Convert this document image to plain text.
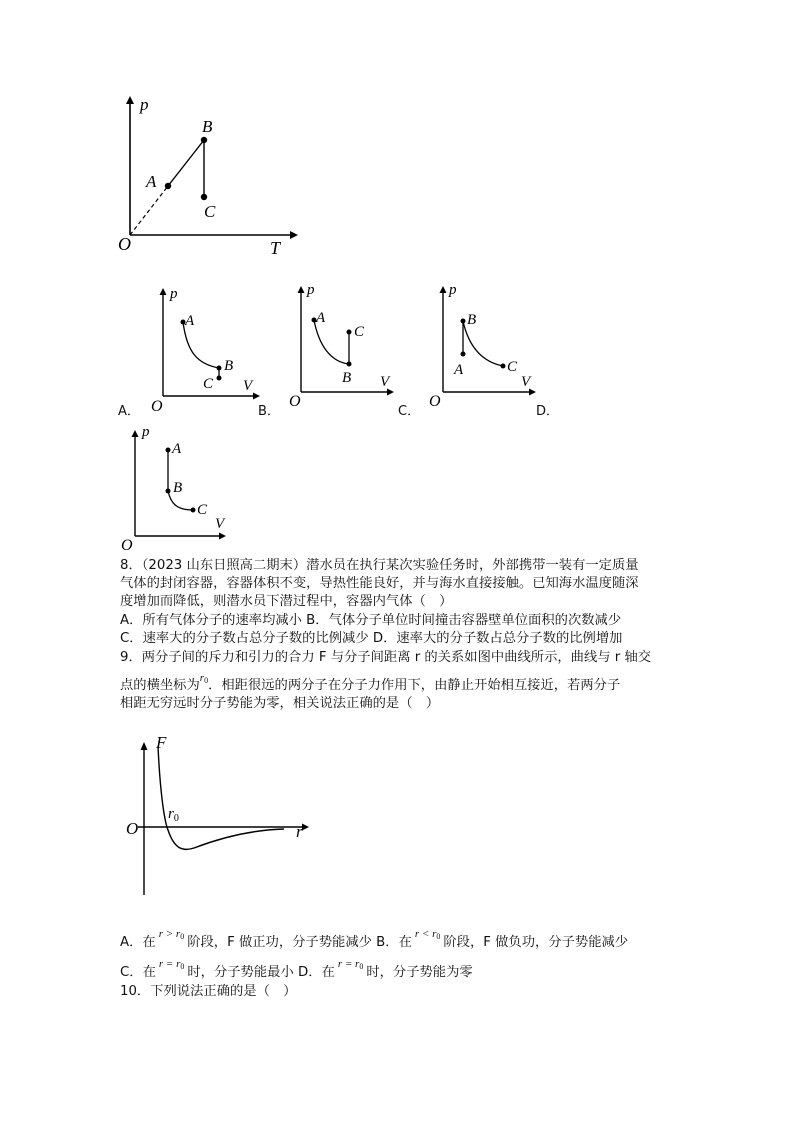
p
T
O
A
B
C
p
V
O
A
B
C
p
V
O
A
B
C
p
V
O
B
A	C
p
V
O
A
B
C
A．	B．	C．	D．
8．（2023 山东日照高二期末）潜水员在执行某次实验任务时，外部携带一装有一定质量
气体的封闭容器，容器体积不变，导热性能良好，并与海水直接接触。已知海水温度随深
度增加而降低，则潜水员下潜过程中，容器内气体（　）
A．所有气体分子的速率均减小 B．气体分子单位时间撞击容器壁单位面积的次数减少
C．速率大的分子数占总分子数的比例减少 D．速率大的分子数占总分子数的比例增加
9．两分子间的斥力和引力的合力 F 与分子间距离 r 的关系如图中曲线所示，曲线与 r 轴交
点的横坐标为$^{r_0}$．相距很远的两分子在分子力作用下，由静止开始相互接近，若两分子
相距无穷远时分子势能为零，相关说法正确的是（　）
F
O	r
$r_0$
A．在$^{r > r_0}$ 阶段，F 做正功，分子势能减少 B．在$^{r < r_0}$ 阶段，F 做负功，分子势能减少
C．在$^{r = r_0}$ 时，分子势能最小 D．在$^{r = r_0}$ 时，分子势能为零
10．下列说法正确的是（　）
